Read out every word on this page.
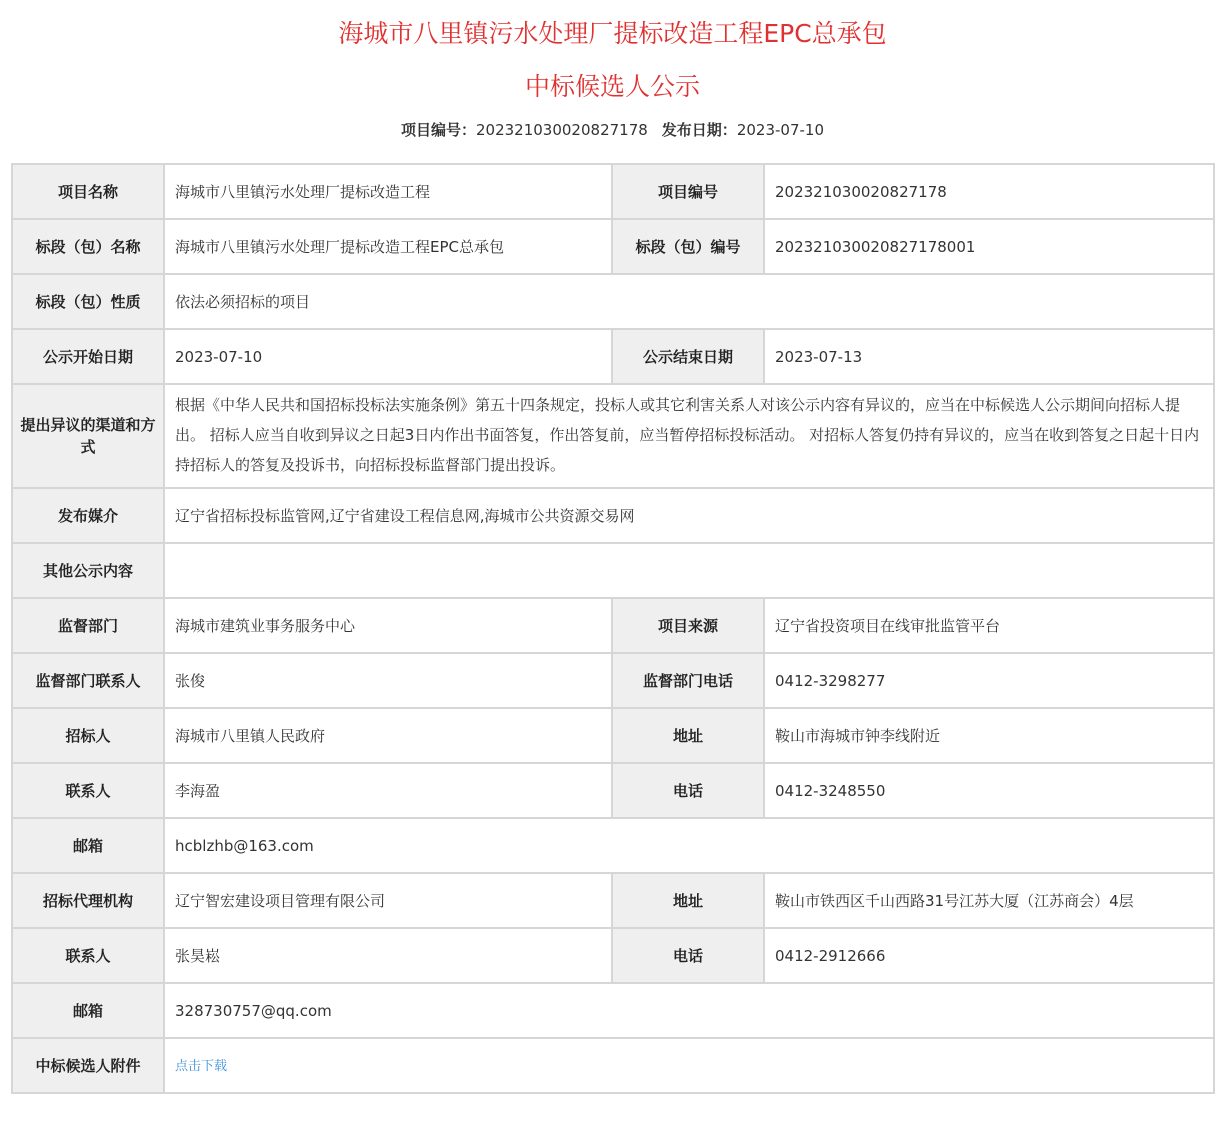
海城市八里镇污水处理厂提标改造工程EPC总承包
中标候选人公示
项目编号：202321030020827178 发布日期：2023-07-10
项目名称	海城市八里镇污水处理厂提标改造工程	项目编号	202321030020827178
标段（包）名称	海城市八里镇污水处理厂提标改造工程EPC总承包	标段（包）编号	202321030020827178001
标段（包）性质	依法必须招标的项目		
公示开始日期	2023-07-10	公示结束日期	2023-07-13
提出异议的渠道和方式	根据《中华人民共和国招标投标法实施条例》第五十四条规定，投标人或其它利害关系人对该公示内容有异议的，应当在中标候选人公示期间向招标人提出。 招标人应当自收到异议之日起3日内作出书面答复，作出答复前，应当暂停招标投标活动。 对招标人答复仍持有异议的，应当在收到答复之日起十日内持招标人的答复及投诉书，向招标投标监督部门提出投诉。		
发布媒介	辽宁省招标投标监管网,辽宁省建设工程信息网,海城市公共资源交易网		
其他公示内容			
监督部门	海城市建筑业事务服务中心	项目来源	辽宁省投资项目在线审批监管平台
监督部门联系人	张俊	监督部门电话	0412-3298277
招标人	海城市八里镇人民政府	地址	鞍山市海城市钟李线附近
联系人	李海盈	电话	0412-3248550
邮箱	hcblzhb@163.com		
招标代理机构	辽宁智宏建设项目管理有限公司	地址	鞍山市铁西区千山西路31号江苏大厦（江苏商会）4层
联系人	张昊崧	电话	0412-2912666
邮箱	328730757@qq.com		
中标候选人附件	点击下载		
